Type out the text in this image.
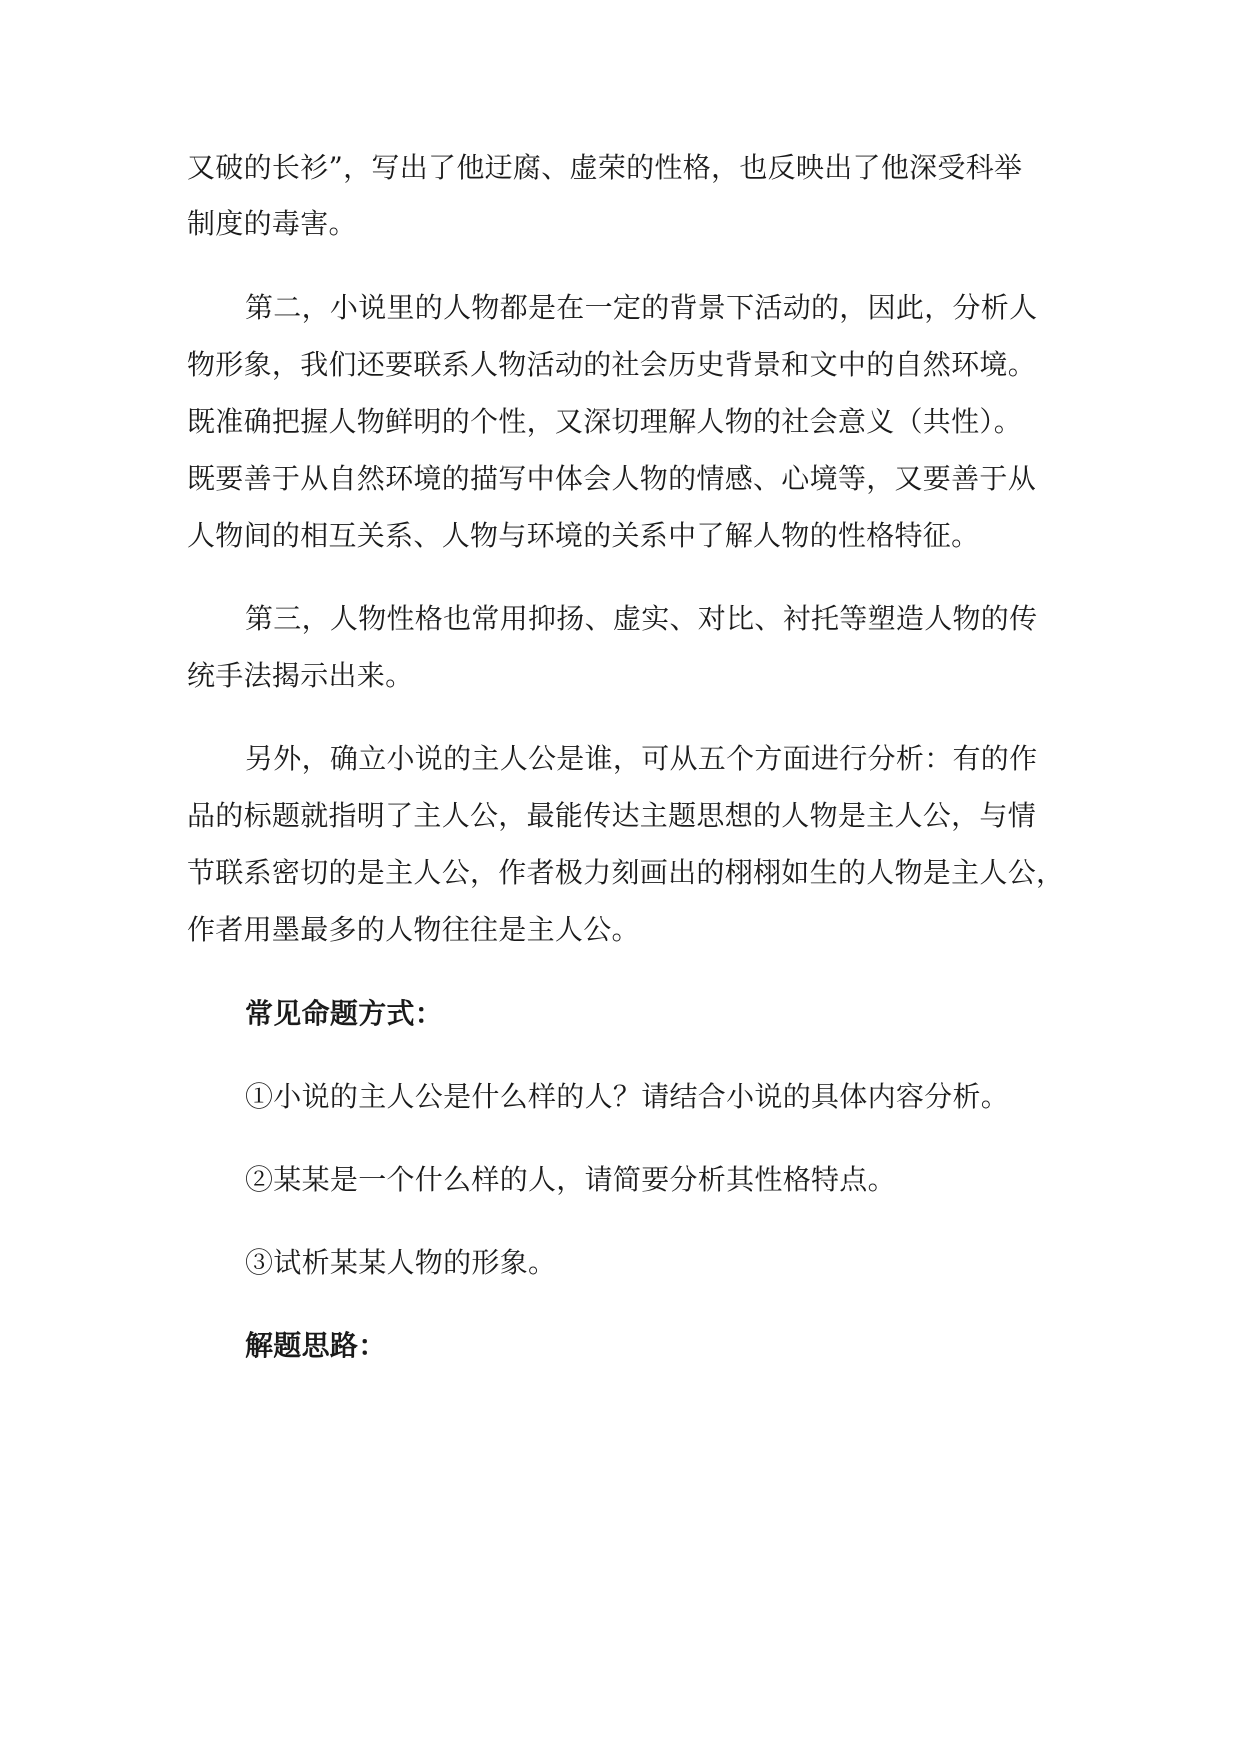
又破的长衫”，写出了他迂腐、虚荣的性格，也反映出了他深受科举
制度的毒害。
第二，小说里的人物都是在一定的背景下活动的，因此，分析人
物形象，我们还要联系人物活动的社会历史背景和文中的自然环境。
既准确把握人物鲜明的个性，又深切理解人物的社会意义（共性）。
既要善于从自然环境的描写中体会人物的情感、心境等，又要善于从
人物间的相互关系、人物与环境的关系中了解人物的性格特征。
第三，人物性格也常用抑扬、虚实、对比、衬托等塑造人物的传
统手法揭示出来。
另外，确立小说的主人公是谁，可从五个方面进行分析：有的作
品的标题就指明了主人公，最能传达主题思想的人物是主人公，与情
节联系密切的是主人公，作者极力刻画出的栩栩如生的人物是主人公，
作者用墨最多的人物往往是主人公。
常见命题方式：
①小说的主人公是什么样的人？请结合小说的具体内容分析。
②某某是一个什么样的人，请简要分析其性格特点。
③试析某某人物的形象。
解题思路：
